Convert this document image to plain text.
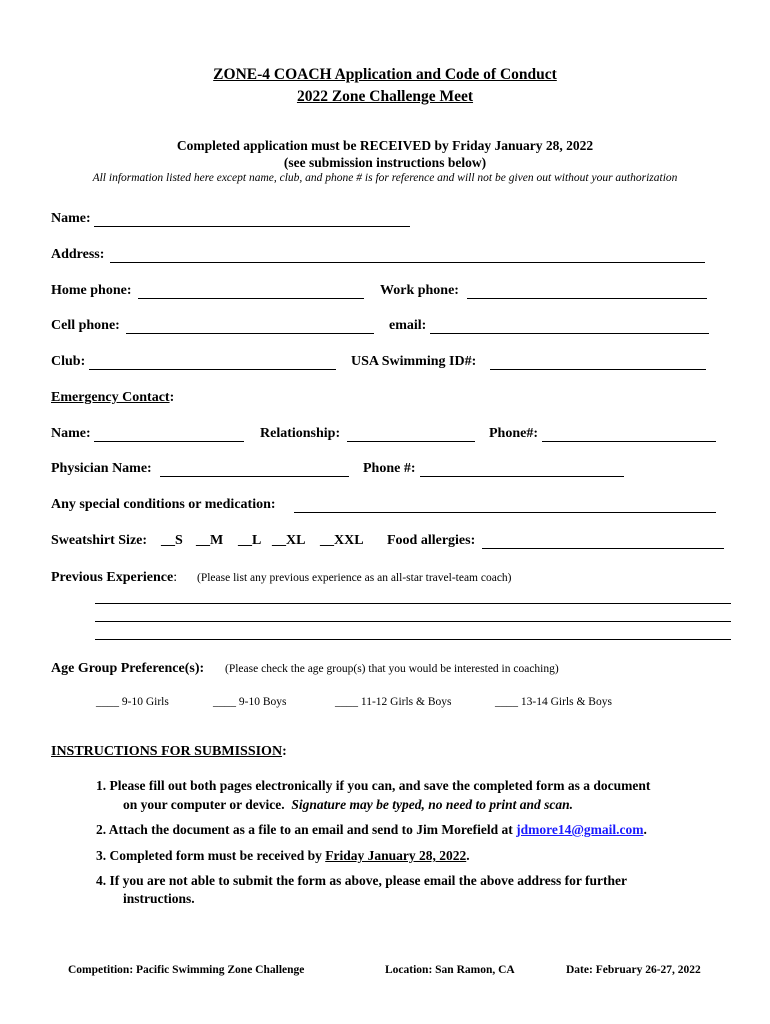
ZONE-4 COACH Application and Code of Conduct
2022 Zone Challenge Meet
Completed application must be RECEIVED by Friday January 28, 2022
(see submission instructions below)
All information listed here except name, club, and phone # is for reference and will not be given out without your authorization
Name:
Address:
Home phone:	Work phone:
Cell phone:	email:
Club:	USA Swimming ID#:
Emergency Contact:
Name:	Relationship:	Phone#:
Physician Name:	Phone #:
Any special conditions or medication:
Sweatshirt Size: __S __M __L __XL __XXL Food allergies:
Previous Experience: (Please list any previous experience as an all-star travel-team coach)
Age Group Preference(s): (Please check the age group(s) that you would be interested in coaching)
____ 9-10 Girls	____ 9-10 Boys	____ 11-12 Girls & Boys	____ 13-14 Girls & Boys
INSTRUCTIONS FOR SUBMISSION:
1. Please fill out both pages electronically if you can, and save the completed form as a document
on your computer or device. Signature may be typed, no need to print and scan.
2. Attach the document as a file to an email and send to Jim Morefield at jdmore14@gmail.com.
3. Completed form must be received by Friday January 28, 2022.
4. If you are not able to submit the form as above, please email the above address for further
instructions.
Competition: Pacific Swimming Zone Challenge	Location: San Ramon, CA	Date: February 26-27, 2022
